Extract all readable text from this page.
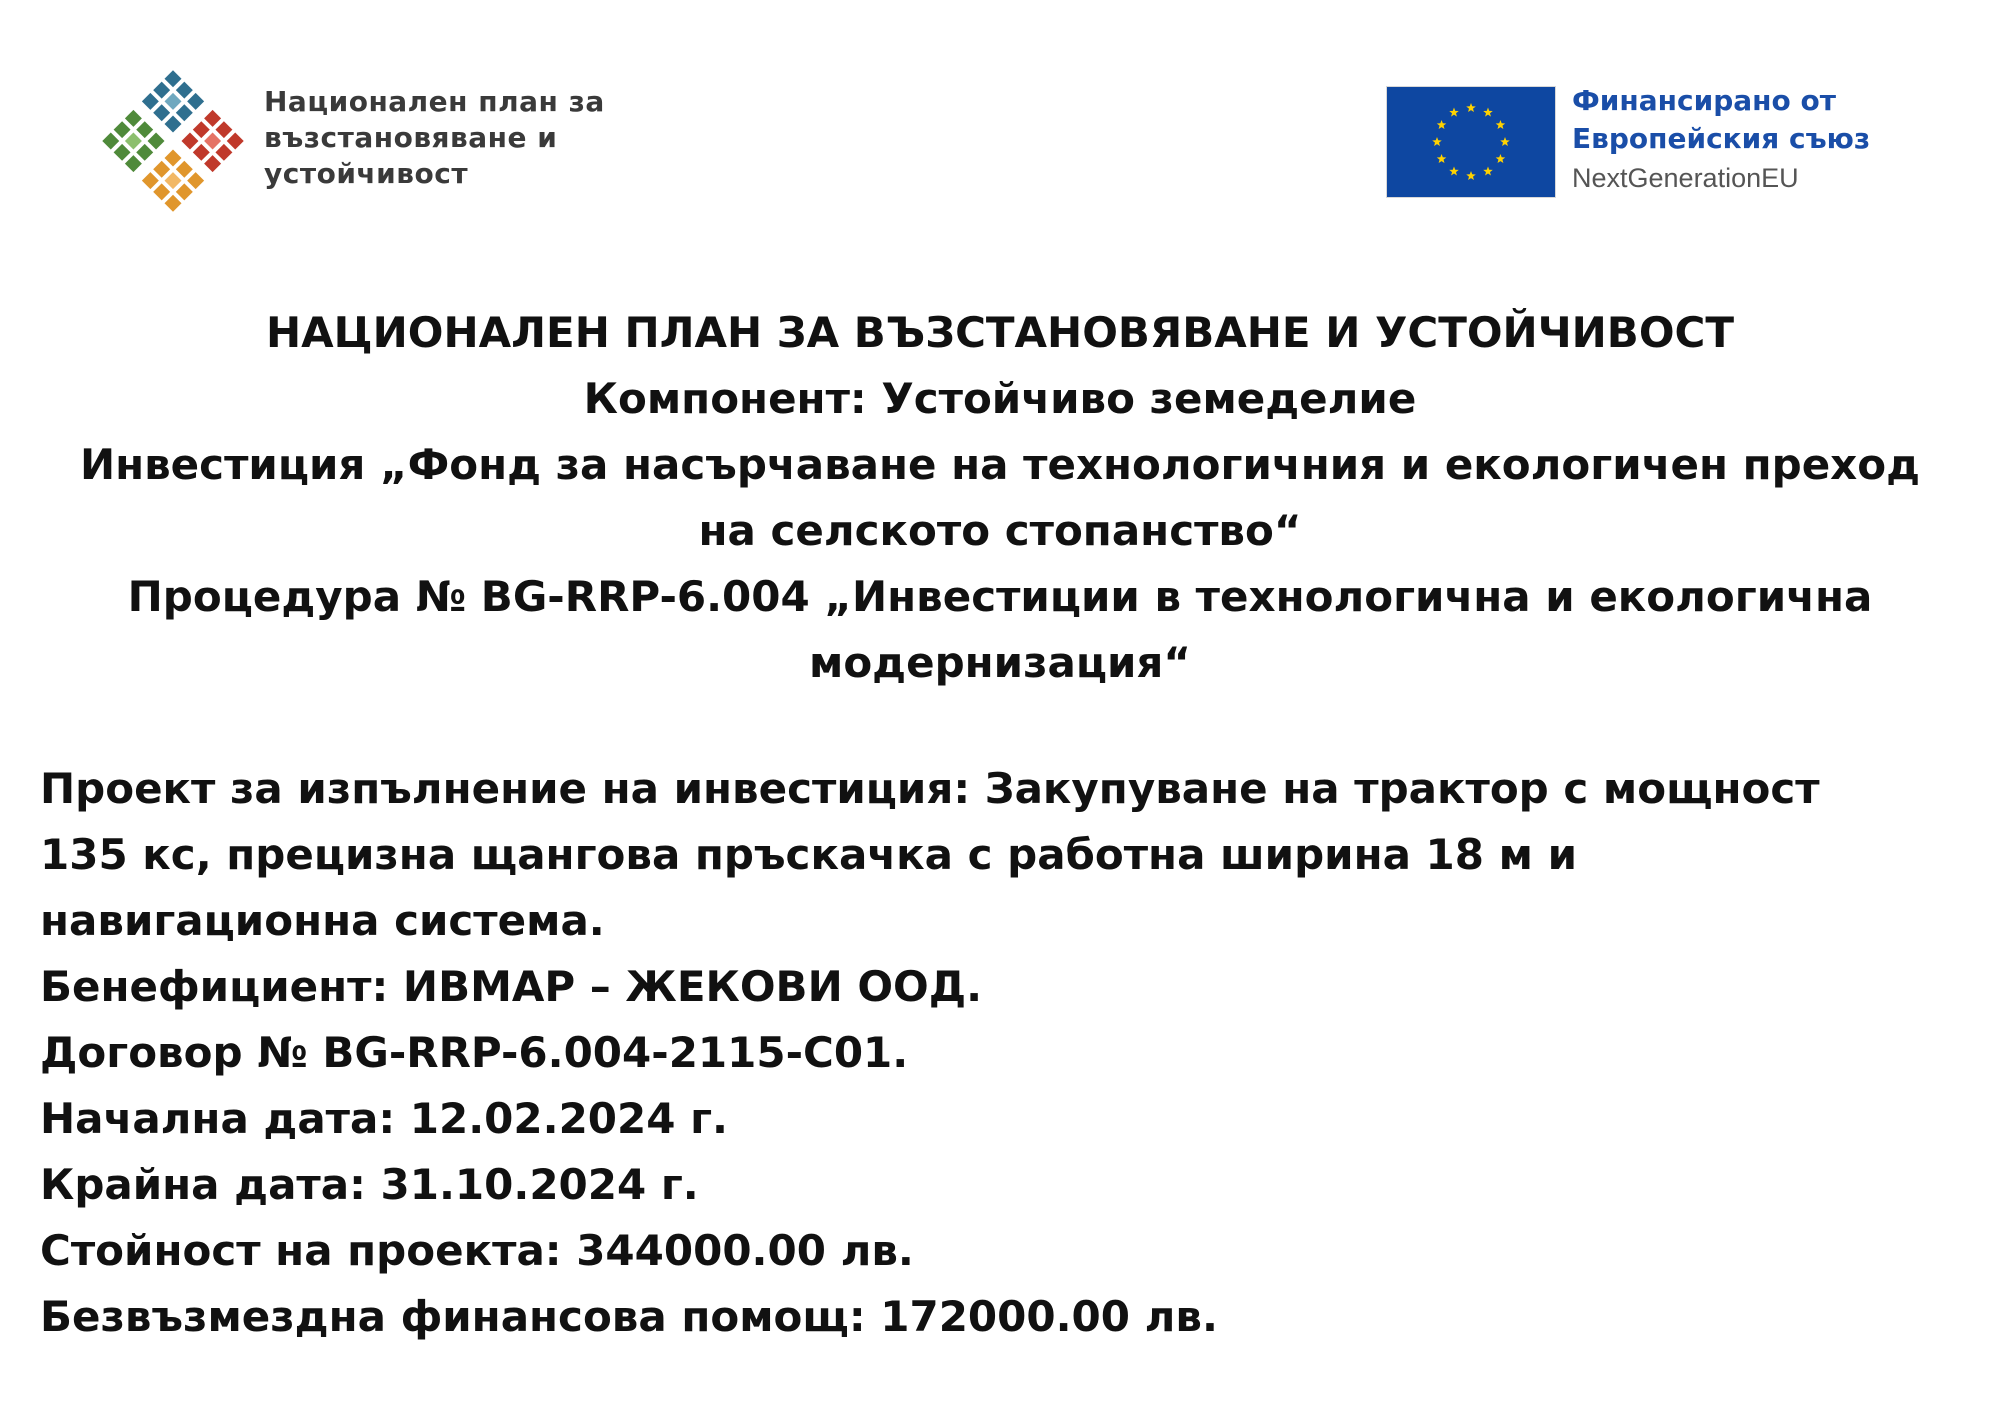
Национален план за
възстановяване и
устойчивост
Финансирано от
Европейския съюз
NextGenerationEU
НАЦИОНАЛЕН ПЛАН ЗА ВЪЗСТАНОВЯВАНЕ И УСТОЙЧИВОСТ
Компонент: Устойчиво земеделие
Инвестиция „Фонд за насърчаване на технологичния и екологичен преход
на селското стопанство“
Процедура № BG-RRP-6.004 „Инвестиции в технологична и екологична
модернизация“
Проект за изпълнение на инвестиция: Закупуване на трактор с мощност
135 кс, прецизна щангова пръскачка с работна ширина 18 м и
навигационна система.
Бенефициент: ИВМАР – ЖЕКОВИ ООД.
Договор № BG-RRP-6.004-2115-C01.
Начална дата: 12.02.2024 г.
Крайна дата: 31.10.2024 г.
Стойност на проекта: 344000.00 лв.
Безвъзмездна финансова помощ: 172000.00 лв.
